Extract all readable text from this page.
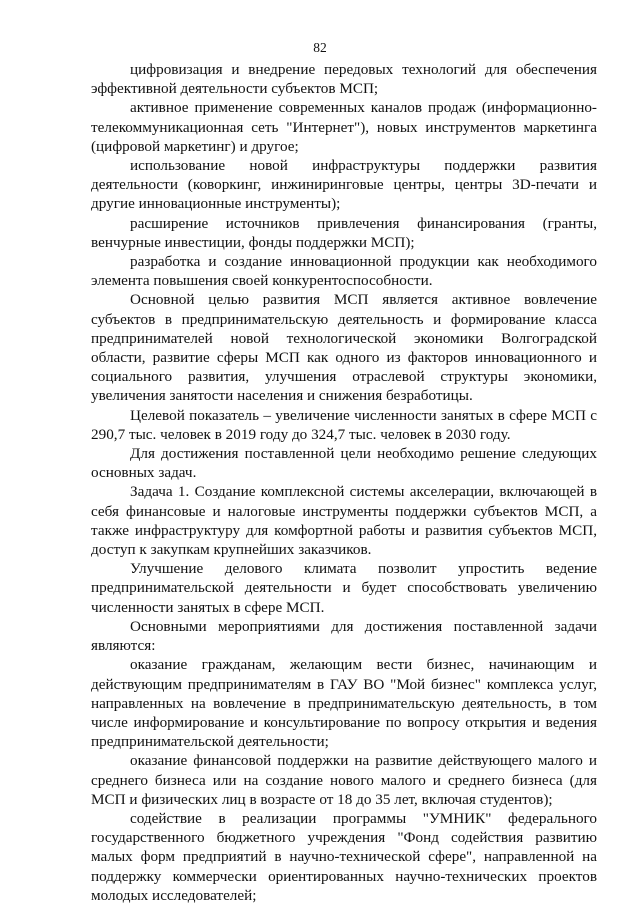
82

цифровизация и внедрение передовых технологий для обеспечения эффективной деятельности субъектов МСП;

активное применение современных каналов продаж (информационно-телекоммуникационная сеть "Интернет"), новых инструментов маркетинга (цифровой маркетинг) и другое;

использование новой инфраструктуры поддержки развития деятельности (коворкинг, инжиниринговые центры, центры 3D-печати и другие инновационные инструменты);

расширение источников привлечения финансирования (гранты, венчурные инвестиции, фонды поддержки МСП);

разработка и создание инновационной продукции как необходимого элемента повышения своей конкурентоспособности.

Основной целью развития МСП является активное вовлечение субъектов в предпринимательскую деятельность и формирование класса предпринимателей новой технологической экономики Волгоградской области, развитие сферы МСП как одного из факторов инновационного и социального развития, улучшения отраслевой структуры экономики, увеличения занятости населения и снижения безработицы.

Целевой показатель – увеличение численности занятых в сфере МСП с 290,7 тыс. человек в 2019 году до 324,7 тыс. человек в 2030 году.

Для достижения поставленной цели необходимо решение следующих основных задач.

Задача 1. Создание комплексной системы акселерации, включающей в себя финансовые и налоговые инструменты поддержки субъектов МСП, а также инфраструктуру для комфортной работы и развития субъектов МСП, доступ к закупкам крупнейших заказчиков.

Улучшение делового климата позволит упростить ведение предпринимательской деятельности и будет способствовать увеличению численности занятых в сфере МСП.

Основными мероприятиями для достижения поставленной задачи являются:

оказание гражданам, желающим вести бизнес, начинающим и действующим предпринимателям в ГАУ ВО "Мой бизнес" комплекса услуг, направленных на вовлечение в предпринимательскую деятельность, в том числе информирование и консультирование по вопросу открытия и ведения предпринимательской деятельности;

оказание финансовой поддержки на развитие действующего малого и среднего бизнеса или на создание нового малого и среднего бизнеса (для МСП и физических лиц в возрасте от 18 до 35 лет, включая студентов);

содействие в реализации программы "УМНИК" федерального государственного бюджетного учреждения "Фонд содействия развитию малых форм предприятий в научно-технической сфере", направленной на поддержку коммерчески ориентированных научно-технических проектов молодых исследователей;
